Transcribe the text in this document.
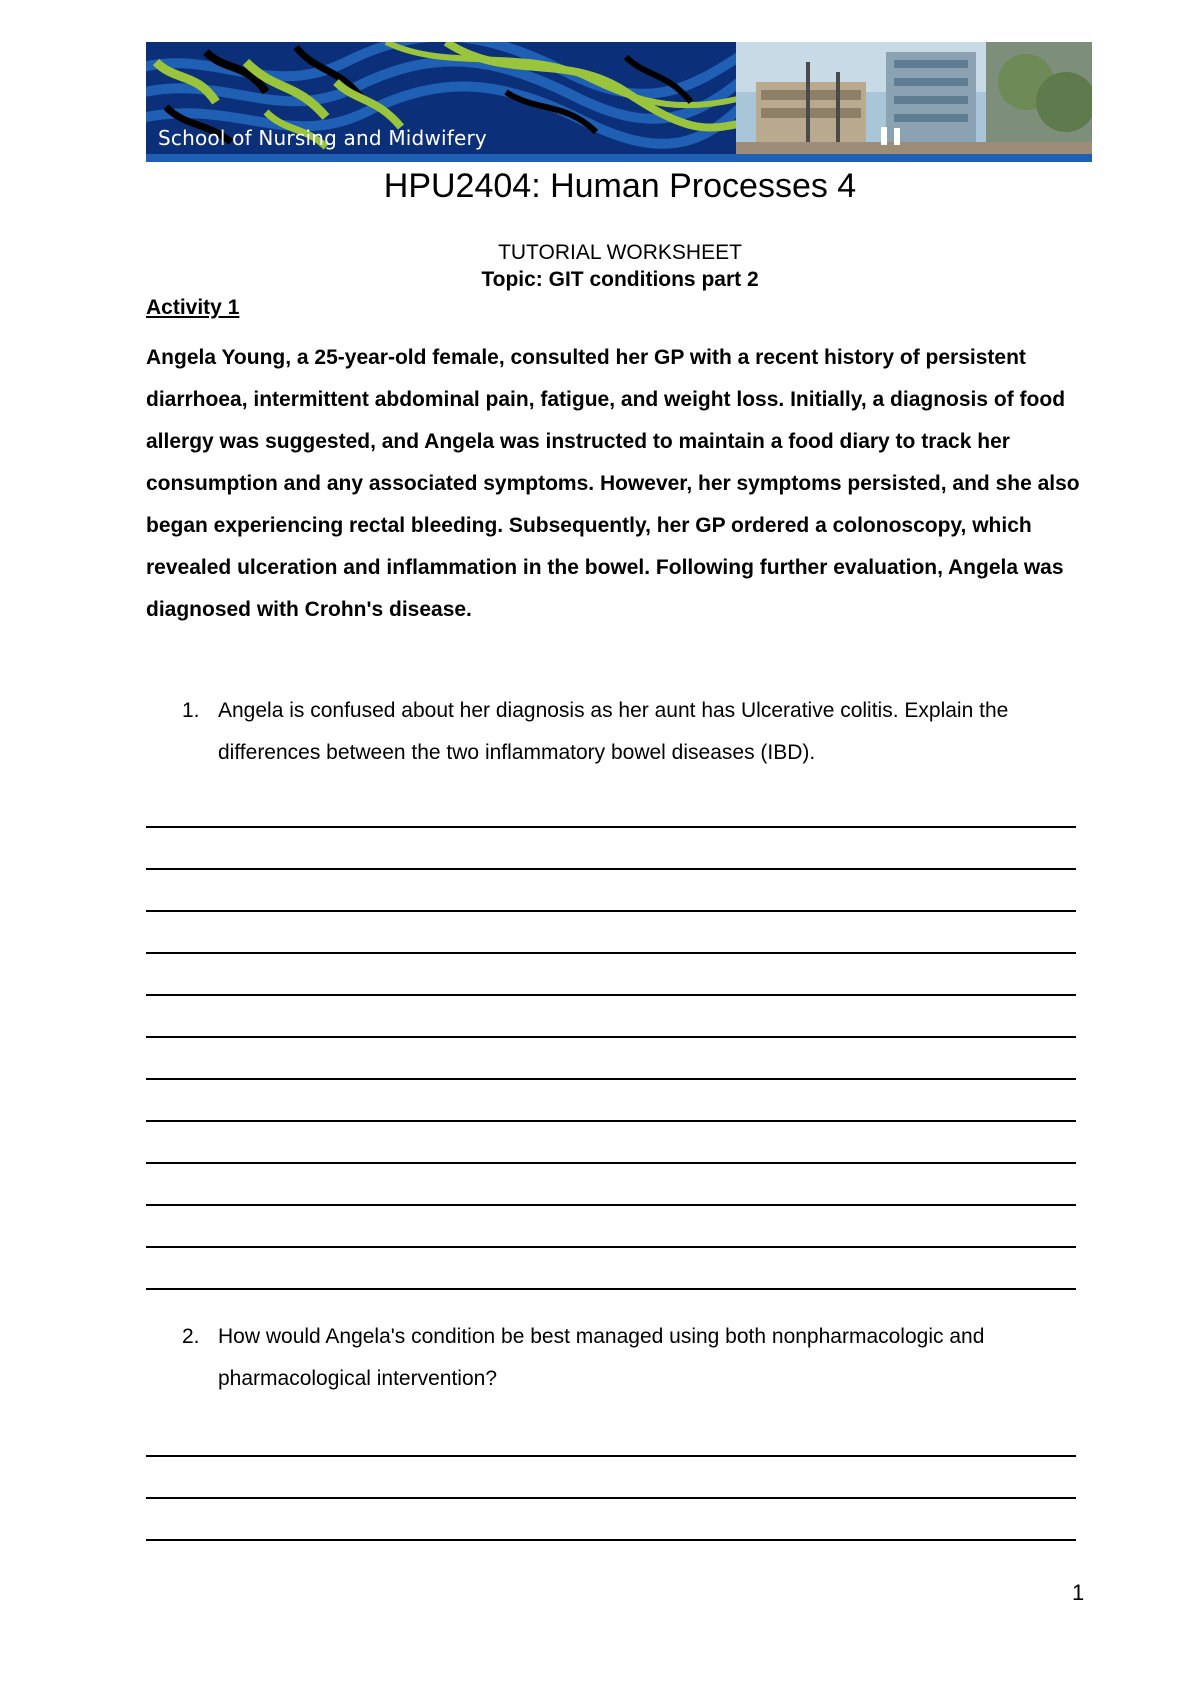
School of Nursing and Midwifery
HPU2404: Human Processes 4
TUTORIAL WORKSHEET
Topic: GIT conditions part 2
Activity 1

Angela Young, a 25-year-old female, consulted her GP with a recent history of persistent diarrhoea, intermittent abdominal pain, fatigue, and weight loss. Initially, a diagnosis of food allergy was suggested, and Angela was instructed to maintain a food diary to track her consumption and any associated symptoms. However, her symptoms persisted, and she also began experiencing rectal bleeding. Subsequently, her GP ordered a colonoscopy, which revealed ulceration and inflammation in the bowel. Following further evaluation, Angela was diagnosed with Crohn's disease.

1. Angela is confused about her diagnosis as her aunt has Ulcerative colitis. Explain the differences between the two inflammatory bowel diseases (IBD).
2. How would Angela's condition be best managed using both nonpharmacologic and pharmacological intervention?
1
